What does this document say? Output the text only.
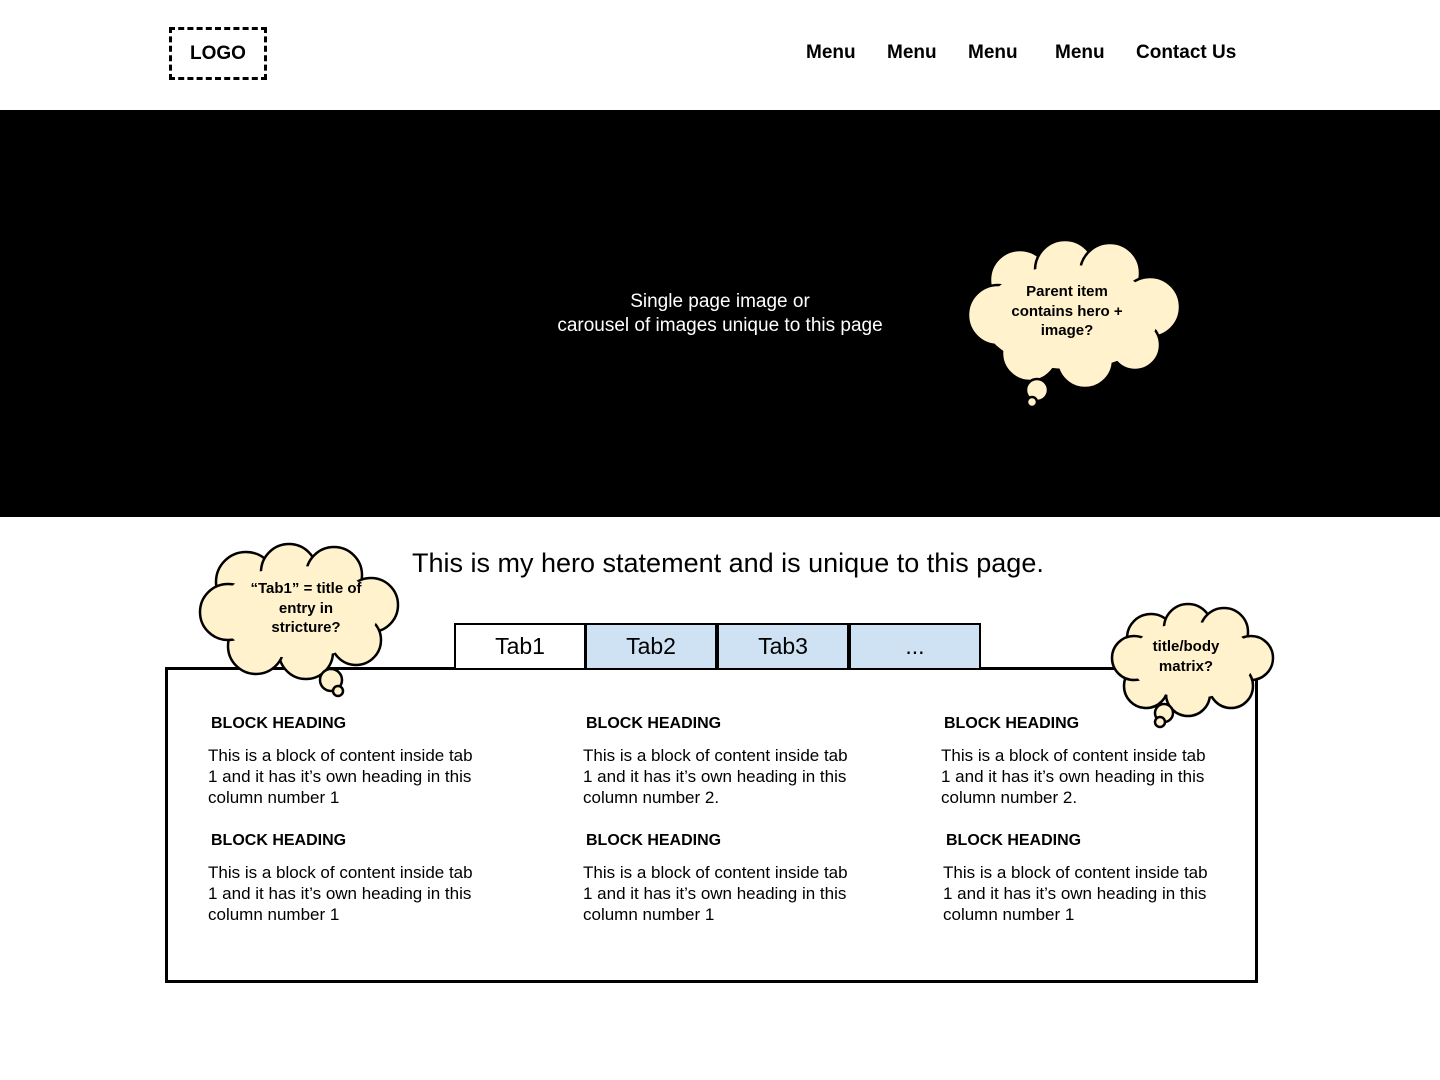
LOGO	Menu Menu Menu Menu Contact Us
Single page image or
carousel of images unique to this page
This is my hero statement and is unique to this page.
Tab1	Tab2	Tab3	...
BLOCK HEADING
This is a block of content inside tab 1 and it has it’s own heading in this column number 1
BLOCK HEADING
This is a block of content inside tab 1 and it has it’s own heading in this column number 2.
BLOCK HEADING
This is a block of content inside tab 1 and it has it’s own heading in this column number 2.
BLOCK HEADING
This is a block of content inside tab 1 and it has it’s own heading in this column number 1
BLOCK HEADING
This is a block of content inside tab 1 and it has it’s own heading in this column number 1
BLOCK HEADING
This is a block of content inside tab 1 and it has it’s own heading in this column number 1
Parent item contains hero + image?
“Tab1” = title of entry in stricture?
title/body matrix?
